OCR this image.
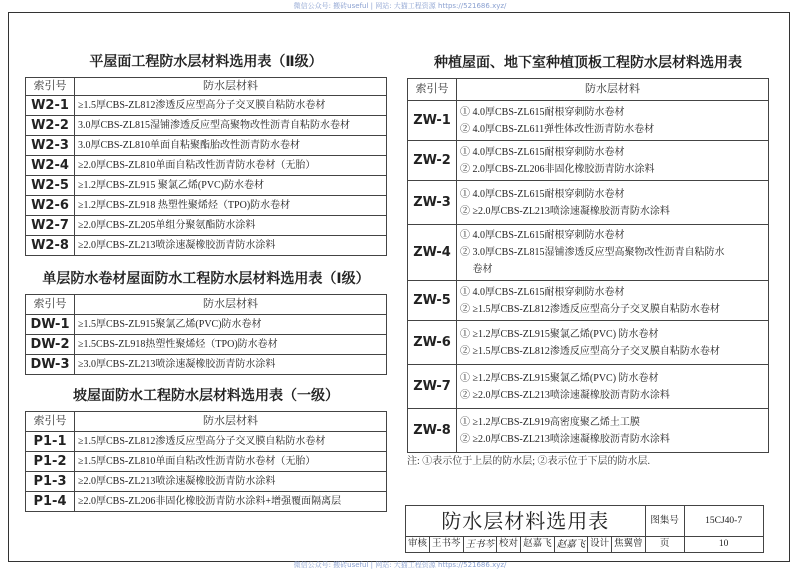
微信公众号: 搬砖useful | 网站: 大猫工程资源 https://521686.xyz/
微信公众号: 搬砖useful | 网站: 大猫工程资源 https://521686.xyz/
平屋面工程防水层材料选用表（Ⅱ级）
索引号	防水层材料
W2-1	≥1.5厚CBS-ZL812渗透反应型高分子交叉膜自粘防水卷材

W2-2	3.0厚CBS-ZL815湿铺渗透反应型高聚物改性沥青自粘防水卷材

W2-3	3.0厚CBS-ZL810单面自粘聚酯胎改性沥青防水卷材

W2-4	≥2.0厚CBS-ZL810单面自粘改性沥青防水卷材（无胎）

W2-5	≥1.2厚CBS-ZL915 聚氯乙烯(PVC)防水卷材

W2-6	≥1.2厚CBS-ZL918 热塑性聚烯烃（TPO)防水卷材

W2-7	≥2.0厚CBS-ZL205单组分聚氨酯防水涂料

W2-8	≥2.0厚CBS-ZL213喷涂速凝橡胶沥青防水涂料
单层防水卷材屋面防水工程防水层材料选用表（Ⅰ级）
索引号	防水层材料
DW-1	≥1.5厚CBS-ZL915聚氯乙烯(PVC)防水卷材

DW-2	≥1.5CBS-ZL918热塑性聚烯烃（TPO)防水卷材

DW-3	≥3.0厚CBS-ZL213喷涂速凝橡胶沥青防水涂料
坡屋面防水工程防水层材料选用表（一级）
索引号	防水层材料
P1-1	≥1.5厚CBS-ZL812渗透反应型高分子交叉膜自粘防水卷材

P1-2	≥1.5厚CBS-ZL810单面自粘改性沥青防水卷材（无胎）

P1-3	≥2.0厚CBS-ZL213喷涂速凝橡胶沥青防水涂料

P1-4	≥2.0厚CBS-ZL206非固化橡胶沥青防水涂料+增强覆面隔离层
种植屋面、地下室种植顶板工程防水层材料选用表
索引号	防水层材料
ZW-1	① 4.0厚CBS-ZL615耐根穿刺防水卷材
② 4.0厚CBS-ZL611弹性体改性沥青防水卷材

ZW-2	① 4.0厚CBS-ZL615耐根穿刺防水卷材
② 2.0厚CBS-ZL206非固化橡胶沥青防水涂料

ZW-3	① 4.0厚CBS-ZL615耐根穿刺防水卷材
② ≥2.0厚CBS-ZL213喷涂速凝橡胶沥青防水涂料

ZW-4	① 4.0厚CBS-ZL615耐根穿刺防水卷材
② 3.0厚CBS-ZL815湿铺渗透反应型高聚物改性沥青自粘防水
　 卷材

ZW-5	① 4.0厚CBS-ZL615耐根穿刺防水卷材
② ≥1.5厚CBS-ZL812渗透反应型高分子交叉膜自粘防水卷材

ZW-6	① ≥1.2厚CBS-ZL915聚氯乙烯(PVC) 防水卷材
② ≥1.5厚CBS-ZL812渗透反应型高分子交叉膜自粘防水卷材

ZW-7	① ≥1.2厚CBS-ZL915聚氯乙烯(PVC) 防水卷材
② ≥2.0厚CBS-ZL213喷涂速凝橡胶沥青防水涂料

ZW-8	① ≥1.2厚CBS-ZL919高密度聚乙烯土工膜
② ≥2.0厚CBS-ZL213喷涂速凝橡胶沥青防水涂料
注: ①表示位于上层的防水层; ②表示位于下层的防水层.
防水层材料选用表								图集号	15CJ40-7
审核	王书芩	王书芩	校对	赵嘉飞	赵嘉飞	设计	焦翼曾	页	10
